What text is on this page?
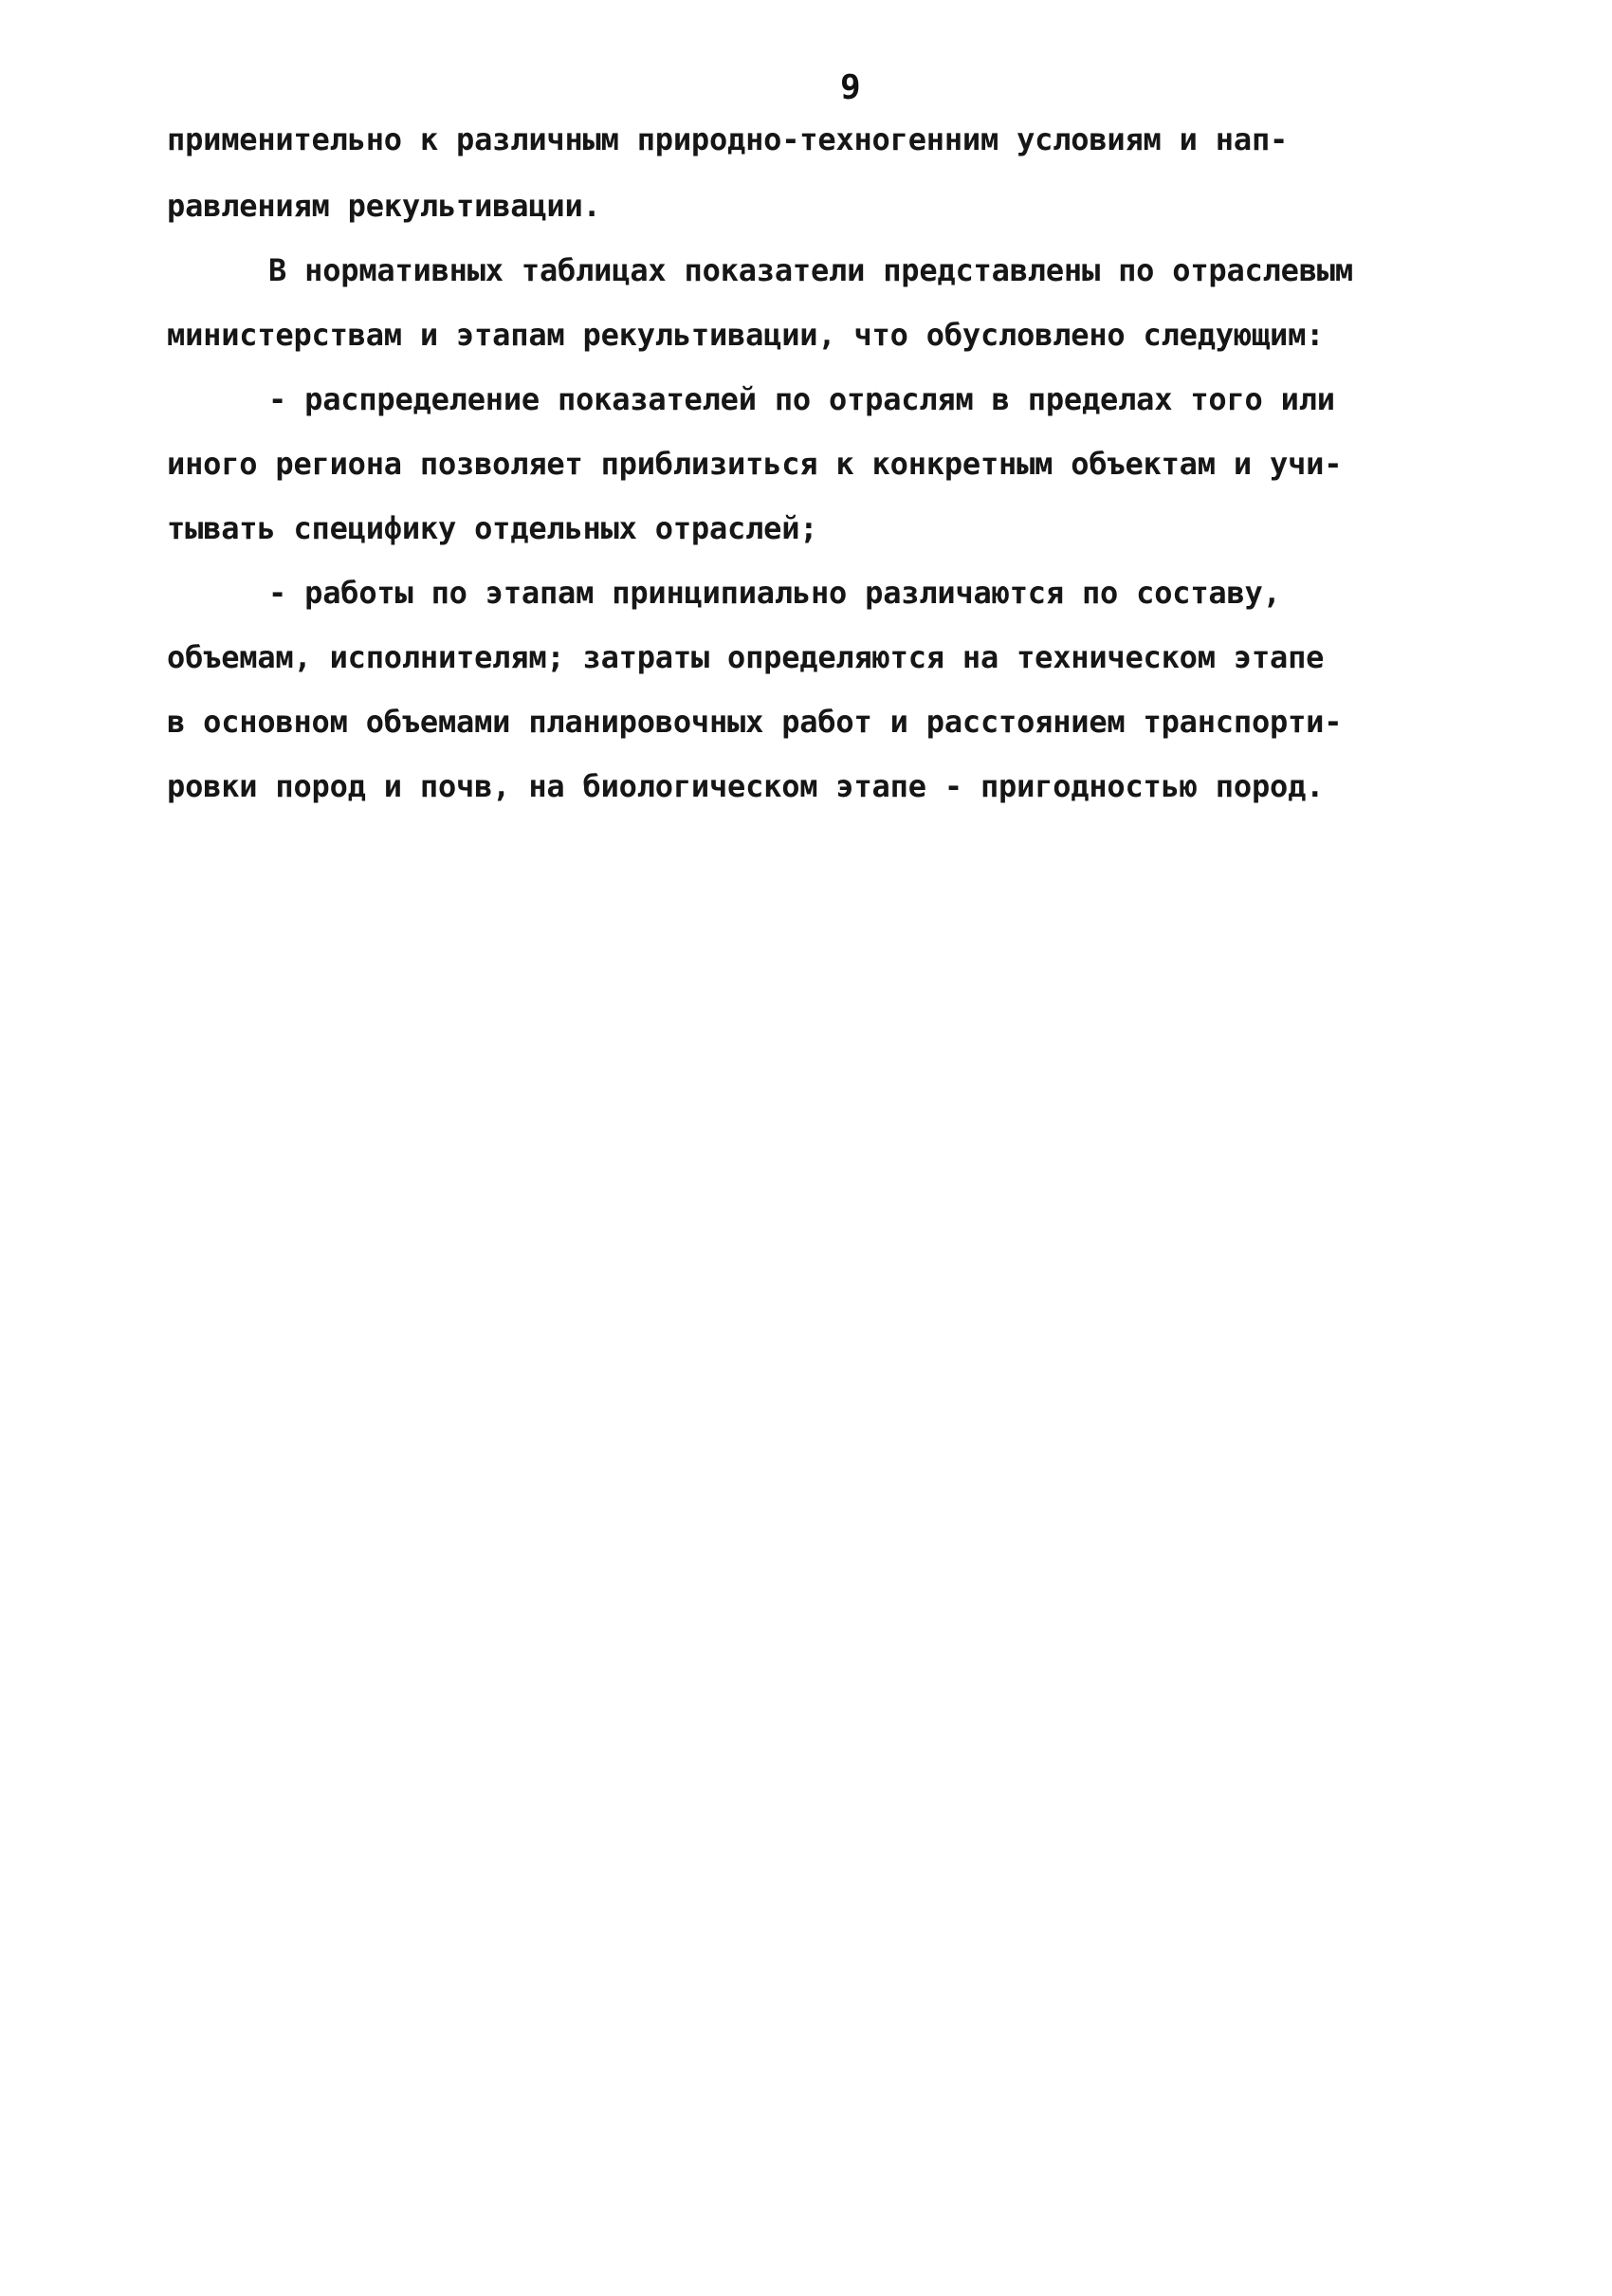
9
применительно к различным природно-техногенним условиям и нап-
равлениям рекультивации.
В нормативных таблицах показатели представлены по отраслевым
министерствам и этапам рекультивации, что обусловлено следующим:
- распределение показателей по отраслям в пределах того или
иного региона позволяет приблизиться к конкретным объектам и учи-
тывать специфику отдельных отраслей;
- работы по этапам принципиально различаются по составу,
объемам, исполнителям; затраты определяются на техническом этапе
в основном объемами планировочных работ и расстоянием транспорти-
ровки пород и почв, на биологическом этапе - пригодностью пород.
